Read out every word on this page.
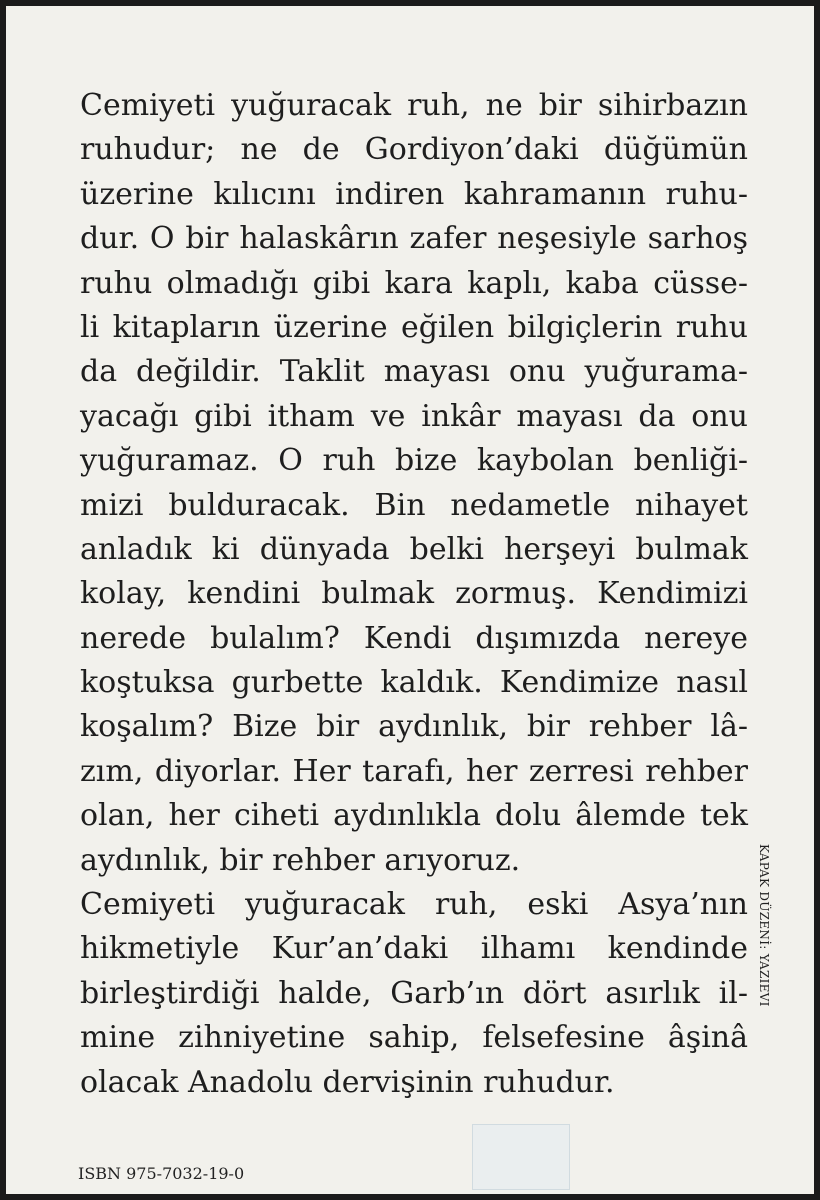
Cemiyeti yuğuracak ruh, ne bir sihirbazın
ruhudur; ne de Gordiyon’daki düğümün
üzerine kılıcını indiren kahramanın ruhu-
dur. O bir halaskârın zafer neşesiyle sarhoş
ruhu olmadığı gibi kara kaplı, kaba cüsse-
li kitapların üzerine eğilen bilgiçlerin ruhu
da değildir. Taklit mayası onu yuğurama-
yacağı gibi itham ve inkâr mayası da onu
yuğuramaz. O ruh bize kaybolan benliği-
mizi bulduracak. Bin nedametle nihayet
anladık ki dünyada belki herşeyi bulmak
kolay, kendini bulmak zormuş. Kendimizi
nerede bulalım? Kendi dışımızda nereye
koştuksa gurbette kaldık. Kendimize nasıl
koşalım? Bize bir aydınlık, bir rehber lâ-
zım, diyorlar. Her tarafı, her zerresi rehber
olan, her ciheti aydınlıkla dolu âlemde tek
aydınlık, bir rehber arıyoruz.
Cemiyeti yuğuracak ruh, eski Asya’nın
hikmetiyle Kur’an’daki ilhamı kendinde
birleştirdiği halde, Garb’ın dört asırlık il-
mine zihniyetine sahip, felsefesine âşinâ
olacak Anadolu dervişinin ruhudur.
KAPAK DÜZENİ: YAZIEVI
ISBN 975-7032-19-0
